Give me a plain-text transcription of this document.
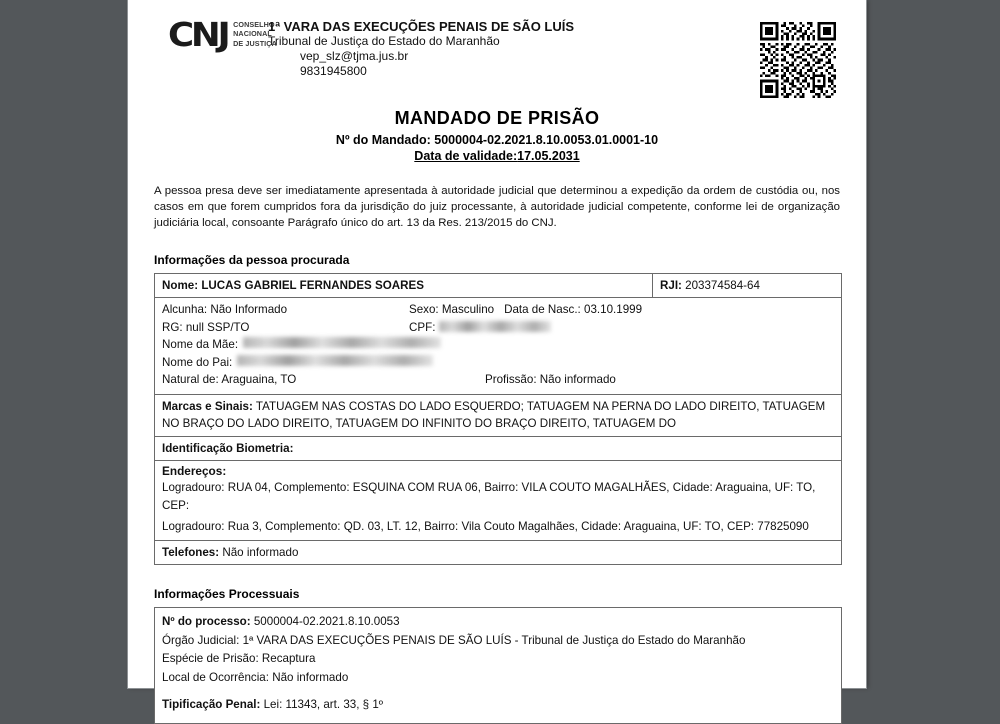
CNJ CONSELHO
NACIONAL
DE JUSTIÇA
1ª VARA DAS EXECUÇÕES PENAIS DE SÃO LUÍS
Tribunal de Justiça do Estado do Maranhão
vep_slz@tjma.jus.br
9831945800
MANDADO DE PRISÃO
Nº do Mandado: 5000004-02.2021.8.10.0053.01.0001-10
Data de validade:17.05.2031
A pessoa presa deve ser imediatamente apresentada à autoridade judicial que determinou a expedição da ordem de custódia ou, nos casos em que forem cumpridos fora da jurisdição do juiz processante, à autoridade judicial competente, conforme lei de organização judiciária local, consoante Parágrafo único do art. 13 da Res. 213/2015 do CNJ.
Informações da pessoa procurada
Nome: LUCAS GABRIEL FERNANDES SOARES	RJI: 203374584-64
Alcunha: Não Informado	Sexo: Masculino Data de Nasc.: 03.10.1999
RG: null SSP/TO	CPF:
Nome da Mãe:
Nome do Pai:
Natural de: Araguaina, TO	Profissão: Não informado
Marcas e Sinais: TATUAGEM NAS COSTAS DO LADO ESQUERDO; TATUAGEM NA PERNA DO LADO DIREITO, TATUAGEM NO BRAÇO DO LADO DIREITO, TATUAGEM DO INFINITO DO BRAÇO DIREITO, TATUAGEM DO
Identificação Biometria:
Endereços:
Logradouro: RUA 04, Complemento: ESQUINA COM RUA 06, Bairro: VILA COUTO MAGALHÃES, Cidade: Araguaina, UF: TO, CEP:
Logradouro: Rua 3, Complemento: QD. 03, LT. 12, Bairro: Vila Couto Magalhães, Cidade: Araguaina, UF: TO, CEP: 77825090
Telefones: Não informado
Informações Processuais
Nº do processo: 5000004-02.2021.8.10.0053
Órgão Judicial: 1ª VARA DAS EXECUÇÕES PENAIS DE SÃO LUÍS - Tribunal de Justiça do Estado do Maranhão
Espécie de Prisão: Recaptura
Local de Ocorrência: Não informado
Tipificação Penal: Lei: 11343, art. 33, § 1º
